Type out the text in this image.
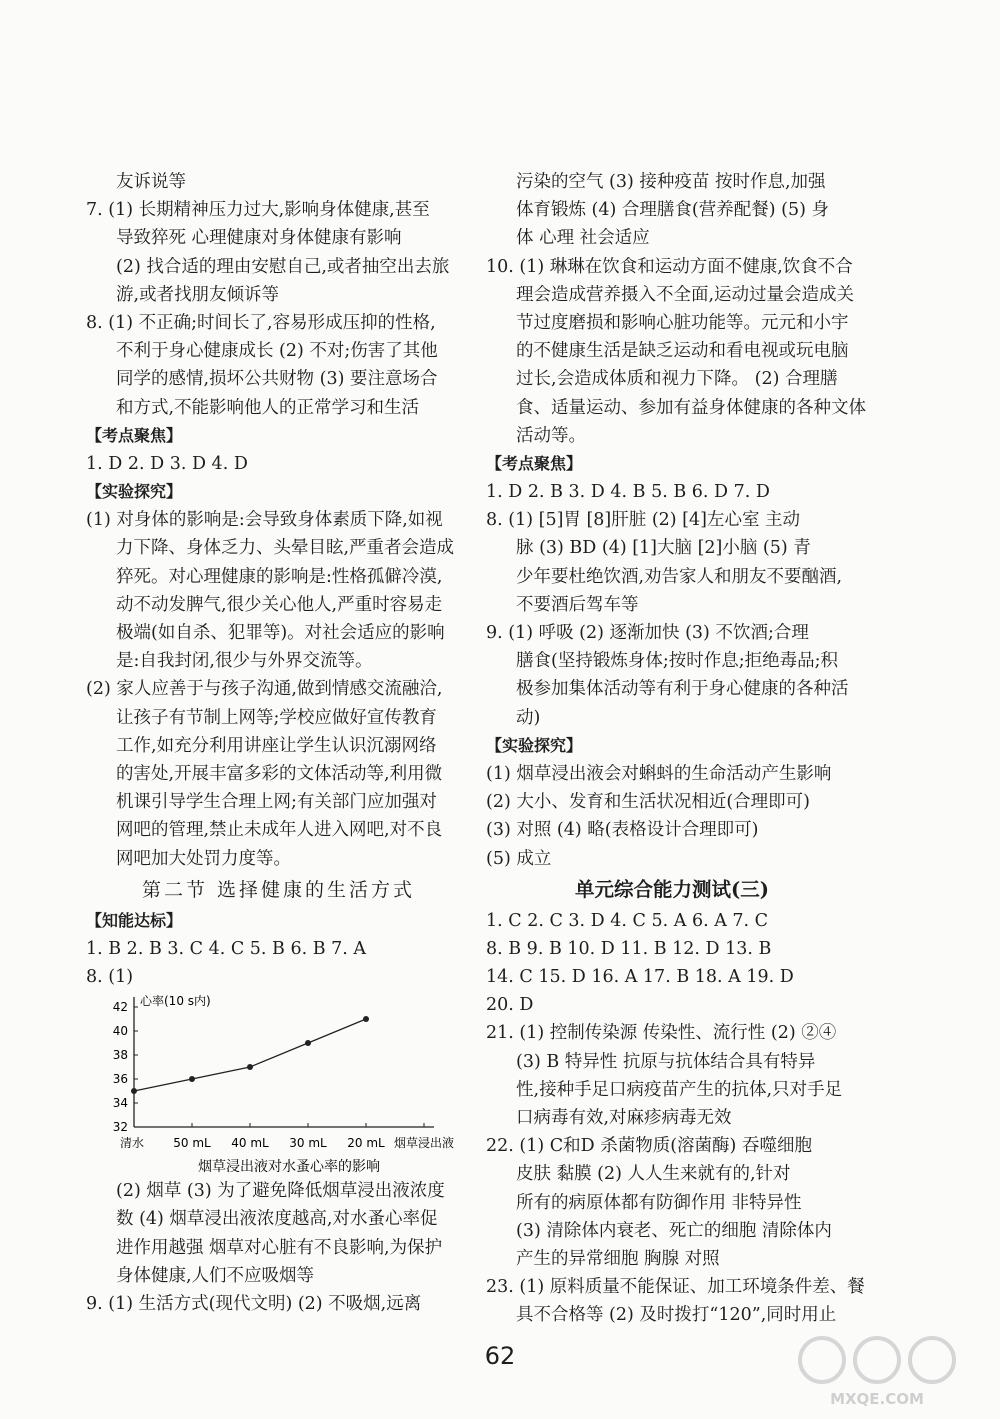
友诉说等
7. (1) 长期精神压力过大,影响身体健康,甚至
导致猝死 心理健康对身体健康有影响
(2) 找合适的理由安慰自己,或者抽空出去旅
游,或者找朋友倾诉等
8. (1) 不正确;时间长了,容易形成压抑的性格,
不利于身心健康成长 (2) 不对;伤害了其他
同学的感情,损坏公共财物 (3) 要注意场合
和方式,不能影响他人的正常学习和生活
【考点聚焦】
1. D 2. D 3. D 4. D
【实验探究】
(1) 对身体的影响是:会导致身体素质下降,如视
力下降、身体乏力、头晕目眩,严重者会造成
猝死。对心理健康的影响是:性格孤僻冷漠,
动不动发脾气,很少关心他人,严重时容易走
极端(如自杀、犯罪等)。对社会适应的影响
是:自我封闭,很少与外界交流等。
(2) 家人应善于与孩子沟通,做到情感交流融洽,
让孩子有节制上网等;学校应做好宣传教育
工作,如充分利用讲座让学生认识沉溺网络
的害处,开展丰富多彩的文体活动等,利用微
机课引导学生合理上网;有关部门应加强对
网吧的管理,禁止未成年人进入网吧,对不良
网吧加大处罚力度等。
第二节 选择健康的生活方式
【知能达标】
1. B 2. B 3. C 4. C 5. B 6. B 7. A
8. (1)
心率(10 s内)
32
34
36
38
40
42
清水 50 mL 40 mL 30 mL 20 mL 烟草浸出液
烟草浸出液对水蚤心率的影响
(2) 烟草 (3) 为了避免降低烟草浸出液浓度
数 (4) 烟草浸出液浓度越高,对水蚤心率促
进作用越强 烟草对心脏有不良影响,为保护
身体健康,人们不应吸烟等
9. (1) 生活方式(现代文明) (2) 不吸烟,远离
污染的空气 (3) 接种疫苗 按时作息,加强
体育锻炼 (4) 合理膳食(营养配餐) (5) 身
体 心理 社会适应
10. (1) 琳琳在饮食和运动方面不健康,饮食不合
理会造成营养摄入不全面,运动过量会造成关
节过度磨损和影响心脏功能等。元元和小宇
的不健康生活是缺乏运动和看电视或玩电脑
过长,会造成体质和视力下降。 (2) 合理膳
食、适量运动、参加有益身体健康的各种文体
活动等。
【考点聚焦】
1. D 2. B 3. D 4. B 5. B 6. D 7. D
8. (1) [5]胃 [8]肝脏 (2) [4]左心室 主动
脉 (3) BD (4) [1]大脑 [2]小脑 (5) 青
少年要杜绝饮酒,劝告家人和朋友不要酗酒,
不要酒后驾车等
9. (1) 呼吸 (2) 逐渐加快 (3) 不饮酒;合理
膳食(坚持锻炼身体;按时作息;拒绝毒品;积
极参加集体活动等有利于身心健康的各种活
动)
【实验探究】
(1) 烟草浸出液会对蝌蚪的生命活动产生影响
(2) 大小、发育和生活状况相近(合理即可)
(3) 对照 (4) 略(表格设计合理即可)
(5) 成立
单元综合能力测试(三)
1. C 2. C 3. D 4. C 5. A 6. A 7. C
8. B 9. B 10. D 11. B 12. D 13. B
14. C 15. D 16. A 17. B 18. A 19. D
20. D
21. (1) 控制传染源 传染性、流行性 (2) ②④
(3) B 特异性 抗原与抗体结合具有特异
性,接种手足口病疫苗产生的抗体,只对手足
口病毒有效,对麻疹病毒无效
22. (1) C和D 杀菌物质(溶菌酶) 吞噬细胞
皮肤 黏膜 (2) 人人生来就有的,针对
所有的病原体都有防御作用 非特异性
(3) 清除体内衰老、死亡的细胞 清除体内
产生的异常细胞 胸腺 对照
23. (1) 原料质量不能保证、加工环境条件差、餐
具不合格等 (2) 及时拨打“120”,同时用止
62
MXQE.COM
